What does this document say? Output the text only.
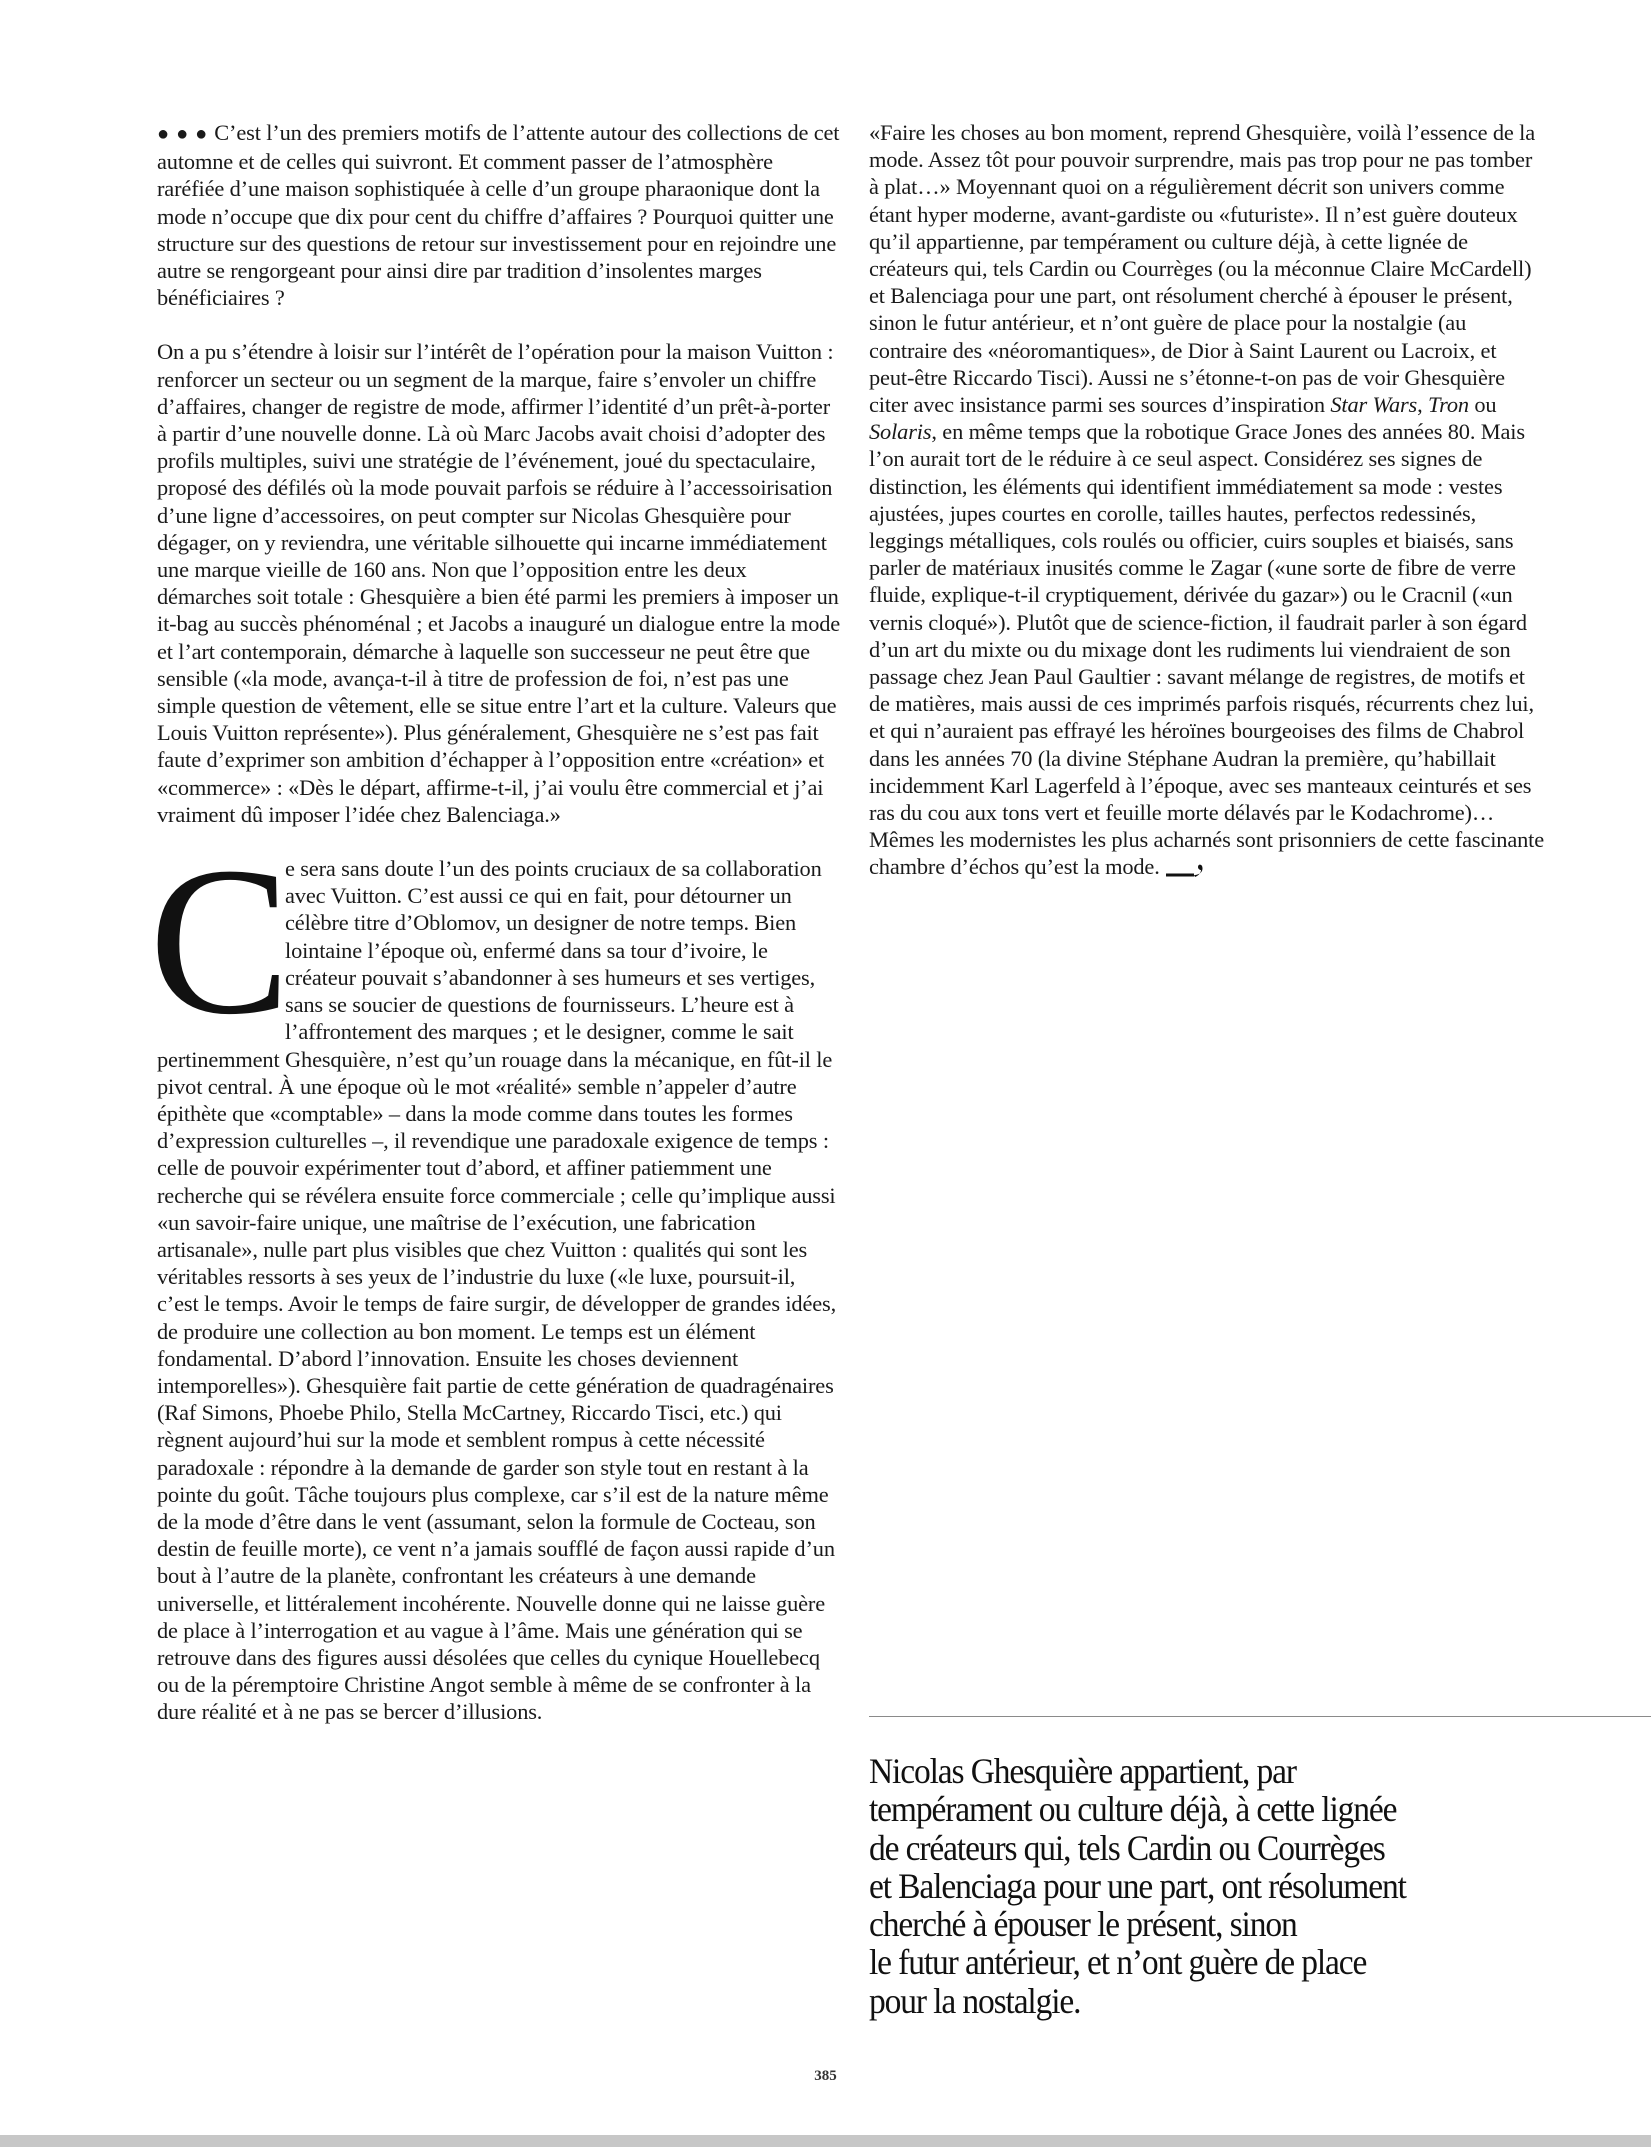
● ● ● C’est l’un des premiers motifs de l’attente autour des collections de cet automne et de celles qui suivront. Et comment passer de l’atmosphère raréfiée d’une maison sophistiquée à celle d’un groupe pharaonique dont la mode n’occupe que dix pour cent du chiffre d’affaires ? Pourquoi quitter une structure sur des questions de retour sur investissement pour en rejoindre une autre se rengorgeant pour ainsi dire par tradition d’insolentes marges bénéficiaires ?

On a pu s’étendre à loisir sur l’intérêt de l’opération pour la maison Vuitton : renforcer un secteur ou un segment de la marque, faire s’envoler un chiffre d’affaires, changer de registre de mode, affirmer l’identité d’un prêt-à-porter à partir d’une nouvelle donne. Là où Marc Jacobs avait choisi d’adopter des profils multiples, suivi une stratégie de l’événement, joué du spectaculaire, proposé des défilés où la mode pouvait parfois se réduire à l’accessoirisation d’une ligne d’accessoires, on peut compter sur Nicolas Ghesquière pour dégager, on y reviendra, une véritable silhouette qui incarne immédiatement une marque vieille de 160 ans. Non que l’opposition entre les deux démarches soit totale : Ghesquière a bien été parmi les premiers à imposer un it-bag au succès phénoménal ; et Jacobs a inauguré un dialogue entre la mode et l’art contemporain, démarche à laquelle son successeur ne peut être que sensible («la mode, avança-t-il à titre de profession de foi, n’est pas une simple question de vêtement, elle se situe entre l’art et la culture. Valeurs que Louis Vuitton représente»). Plus généralement, Ghesquière ne s’est pas fait faute d’exprimer son ambition d’échapper à l’opposition entre «création» et «commerce» : «Dès le départ, affirme-t-il, j’ai voulu être commercial et j’ai vraiment dû imposer l’idée chez Balenciaga.»

C

e sera sans doute l’un des points cruciaux de sa collaboration avec Vuitton. C’est aussi ce qui en fait, pour détourner un célèbre titre d’Oblomov, un designer de notre temps. Bien lointaine l’époque où, enfermé dans sa tour d’ivoire, le créateur pouvait s’abandonner à ses humeurs et ses vertiges, sans se soucier de questions de fournisseurs. L’heure est à l’affrontement des marques ; et le designer, comme le sait pertinemment Ghesquière, n’est qu’un rouage dans la mécanique, en fût-il le pivot central. À une époque où le mot «réalité» semble n’appeler d’autre épithète que «comptable» – dans la mode comme dans toutes les formes d’expression culturelles –, il revendique une paradoxale exigence de temps : celle de pouvoir expérimenter tout d’abord, et affiner patiemment une recherche qui se révélera ensuite force commerciale ; celle qu’implique aussi «un savoir-faire unique, une maîtrise de l’exécution, une fabrication artisanale», nulle part plus visibles que chez Vuitton : qualités qui sont les véritables ressorts à ses yeux de l’industrie du luxe («le luxe, poursuit-il, c’est le temps. Avoir le temps de faire surgir, de développer de grandes idées, de produire une collection au bon moment. Le temps est un élément fondamental. D’abord l’innovation. Ensuite les choses deviennent intemporelles»). Ghesquière fait partie de cette génération de quadragénaires (Raf Simons, Phoebe Philo, Stella McCartney, Riccardo Tisci, etc.) qui règnent aujourd’hui sur la mode et semblent rompus à cette nécessité paradoxale : répondre à la demande de garder son style tout en restant à la pointe du goût. Tâche toujours plus complexe, car s’il est de la nature même de la mode d’être dans le vent (assumant, selon la formule de Cocteau, son destin de feuille morte), ce vent n’a jamais soufflé de façon aussi rapide d’un bout à l’autre de la planète, confrontant les créateurs à une demande universelle, et littéralement incohérente. Nouvelle donne qui ne laisse guère de place à l’interrogation et au vague à l’âme. Mais une génération qui se retrouve dans des figures aussi désolées que celles du cynique Houellebecq ou de la péremptoire Christine Angot semble à même de se confronter à la dure réalité et à ne pas se bercer d’illusions.

«Faire les choses au bon moment, reprend Ghesquière, voilà l’essence de la mode. Assez tôt pour pouvoir surprendre, mais pas trop pour ne pas tomber à plat…» Moyennant quoi on a régulièrement décrit son univers comme étant hyper moderne, avant-gardiste ou «futuriste». Il n’est guère douteux qu’il appartienne, par tempérament ou culture déjà, à cette lignée de créateurs qui, tels Cardin ou Courrèges (ou la méconnue Claire McCardell) et Balenciaga pour une part, ont résolument cherché à épouser le présent, sinon le futur antérieur, et n’ont guère de place pour la nostalgie (au contraire des «néoromantiques», de Dior à Saint Laurent ou Lacroix, et peut-être Riccardo Tisci). Aussi ne s’étonne-t-on pas de voir Ghesquière citer avec insistance parmi ses sources d’inspiration Star Wars, Tron ou Solaris, en même temps que la robotique Grace Jones des années 80. Mais l’on aurait tort de le réduire à ce seul aspect. Considérez ses signes de distinction, les éléments qui identifient immédiatement sa mode : vestes ajustées, jupes courtes en corolle, tailles hautes, perfectos redessinés, leggings métalliques, cols roulés ou officier, cuirs souples et biaisés, sans parler de matériaux inusités comme le Zagar («une sorte de fibre de verre fluide, explique-t-il cryptiquement, dérivée du gazar») ou le Cracnil («un vernis cloqué»). Plutôt que de science-fiction, il faudrait parler à son égard d’un art du mixte ou du mixage dont les rudiments lui viendraient de son passage chez Jean Paul Gaultier : savant mélange de registres, de motifs et de matières, mais aussi de ces imprimés parfois risqués, récurrents chez lui, et qui n’auraient pas effrayé les héroïnes bourgeoises des films de Chabrol dans les années 70 (la divine Stéphane Audran la première, qu’habillait incidemment Karl Lagerfeld à l’époque, avec ses manteaux ceinturés et ses ras du cou aux tons vert et feuille morte délavés par le Kodachrome)… Mêmes les modernistes les plus acharnés sont prisonniers de cette fascinante chambre d’échos qu’est la mode.

Nicolas Ghesquière appartient, par

tempérament ou culture déjà, à cette lignée

de créateurs qui, tels Cardin ou Courrèges

et Balenciaga pour une part, ont résolument

cherché à épouser le présent, sinon

le futur antérieur, et n’ont guère de place

pour la nostalgie.

385
